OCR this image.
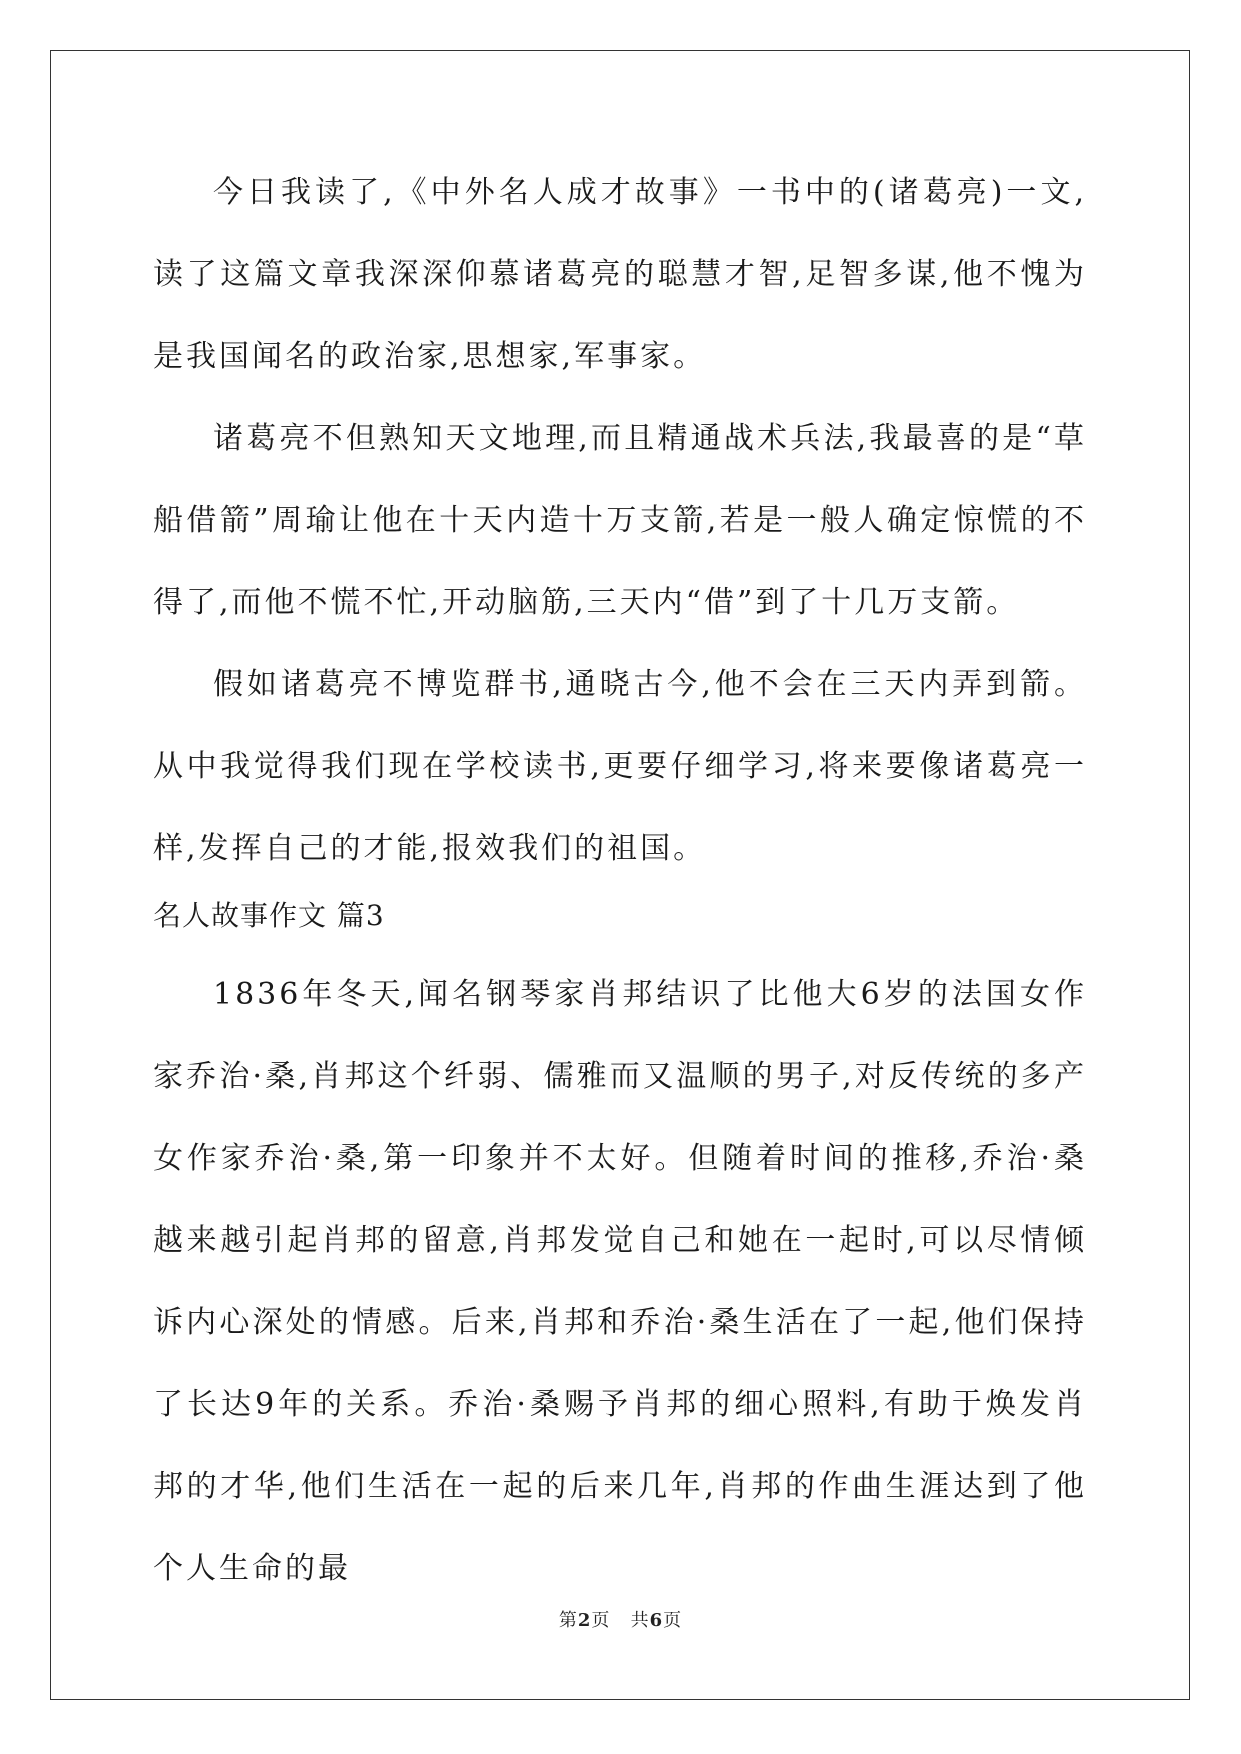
今日我读了,《中外名人成才故事》一书中的(诸葛亮)一文,读了这篇文章我深深仰慕诸葛亮的聪慧才智,足智多谋,他不愧为是我国闻名的政治家,思想家,军事家。

诸葛亮不但熟知天文地理,而且精通战术兵法,我最喜的是“草船借箭”周瑜让他在十天内造十万支箭,若是一般人确定惊慌的不得了,而他不慌不忙,开动脑筋,三天内“借”到了十几万支箭。

假如诸葛亮不博览群书,通晓古今,他不会在三天内弄到箭。从中我觉得我们现在学校读书,更要仔细学习,将来要像诸葛亮一样,发挥自己的才能,报效我们的祖国。

名人故事作文 篇3

1836年冬天,闻名钢琴家肖邦结识了比他大6岁的法国女作家乔治·桑,肖邦这个纤弱、儒雅而又温顺的男子,对反传统的多产女作家乔治·桑,第一印象并不太好。但随着时间的推移,乔治·桑越来越引起肖邦的留意,肖邦发觉自己和她在一起时,可以尽情倾诉内心深处的情感。后来,肖邦和乔治·桑生活在了一起,他们保持了长达9年的关系。乔治·桑赐予肖邦的细心照料,有助于焕发肖邦的才华,他们生活在一起的后来几年,肖邦的作曲生涯达到了他个人生命的最

第2页 共6页
